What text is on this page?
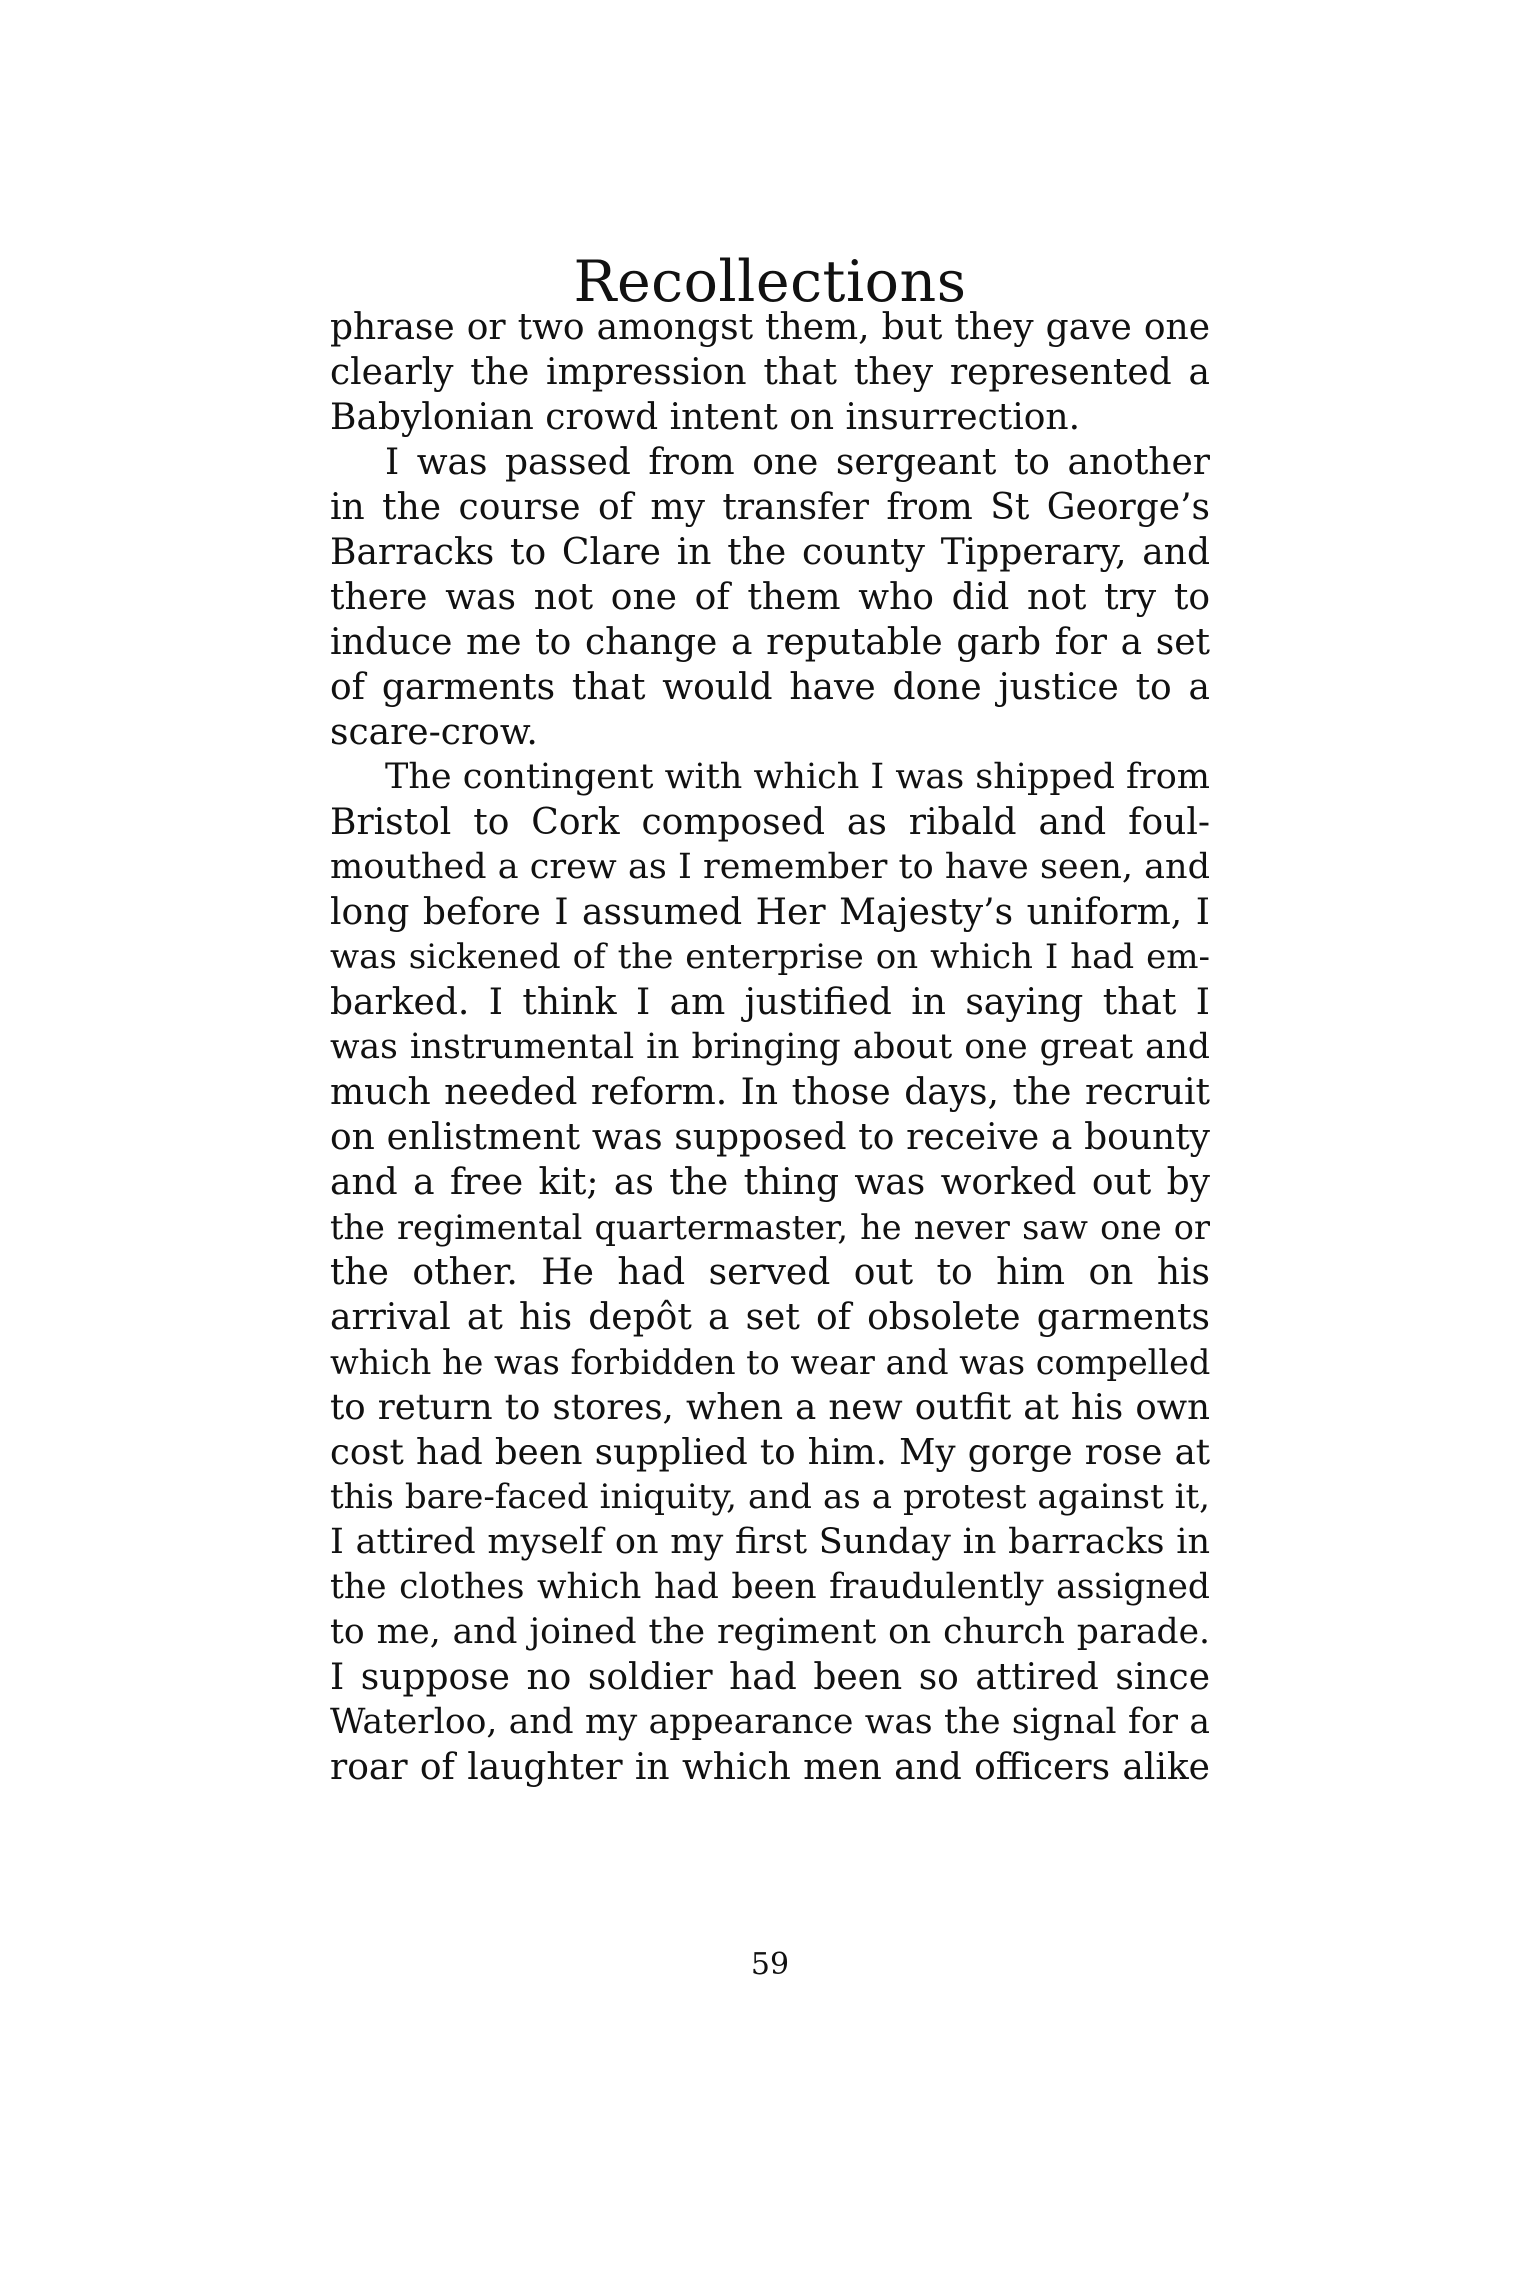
Recollections
phrase or two amongst them, but they gave one
clearly the impression that they represented a
Babylonian crowd intent on insurrection.
I was passed from one sergeant to another
in the course of my transfer from St George’s
Barracks to Clare in the county Tipperary, and
there was not one of them who did not try to
induce me to change a reputable garb for a set
of garments that would have done justice to a
scare-crow.
The contingent with which I was shipped from
Bristol to Cork composed as ribald and foul-
mouthed a crew as I remember to have seen, and
long before I assumed Her Majesty’s uniform, I
was sickened of the enterprise on which I had em-
barked. I think I am justified in saying that I
was instrumental in bringing about one great and
much needed reform. In those days, the recruit
on enlistment was supposed to receive a bounty
and a free kit; as the thing was worked out by
the regimental quartermaster, he never saw one or
the other. He had served out to him on his
arrival at his depôt a set of obsolete garments
which he was forbidden to wear and was compelled
to return to stores, when a new outfit at his own
cost had been supplied to him. My gorge rose at
this bare-faced iniquity, and as a protest against it,
I attired myself on my first Sunday in barracks in
the clothes which had been fraudulently assigned
to me, and joined the regiment on church parade.
I suppose no soldier had been so attired since
Waterloo, and my appearance was the signal for a
roar of laughter in which men and officers alike
59
